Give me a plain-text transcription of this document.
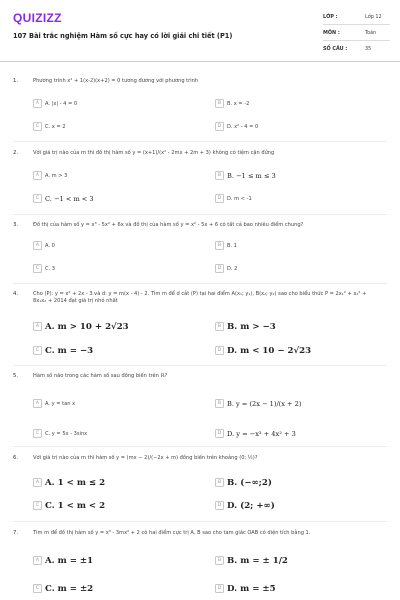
QUIZIZZ
107 Bài trắc nghiệm Hàm số cực hay có lời giải chi tiết (P1)
LỚP :	Lớp 12
MÔN :	Toán
SỐ CÂU :	35
1.	Phương trình x² + 1(x-2)(x+2) = 0 tương đương với phương trình
A	A. |x| - 4 = 0	B	B. x = -2
C	C. x = 2	D	D. x² - 4 = 0
2.	Với giá trị nào của m thì đồ thị hàm số y = (x+1)/(x² - 2mx + 2m + 3) không có tiệm cận đứng
A	A. m > 3	B B. −1 ≤ m ≤ 3
C C. −1 < m < 3	D	D. m < -1
3.	Đồ thị của hàm số y = x³ - 5x² + 6x và đồ thị của hàm số y = x² - 5x + 6 có tất cả bao nhiêu điểm chung?
A	A. 0	B	B. 1
C	C. 3	D	D. 2
4.	Cho (P): y = x² + 2x - 3 và d: y = m(x - 4) - 2. Tìm m để d cắt (P) tại hai điểm A(x₁; y₁), B(x₂; y₂) sao cho biểu thức P = 2x₁² + x₂² + 8x₁x₂ + 2014 đạt giá trị nhỏ nhất
A A. m > 10 + 2√23	B B. m > −3
C C. m = −3	D D. m < 10 − 2√23
5.	Hàm số nào trong các hàm số sau đồng biến trên ℝ?
A	A. y = tan x	B B. y = (2x − 1)/(x + 2)
C	C. y = 5x - 3sinx	D D. y = −x³ + 4x² + 3
6.	Với giá trị nào của m thì hàm số y = (mx − 2)/(−2x + m) đồng biến trên khoảng (0; ½)?
A A. 1 < m ≤ 2	B B. (−∞;2)
C C. 1 < m < 2	D D. (2; +∞)
7.	Tìm m để đồ thị hàm số y = x³ - 3mx² + 2 có hai điểm cực trị A, B sao cho tam giác OAB có diện tích bằng 1.
A A. m = ±1	B B. m = ± 1/2
C C. m = ±2	D D. m = ±5
